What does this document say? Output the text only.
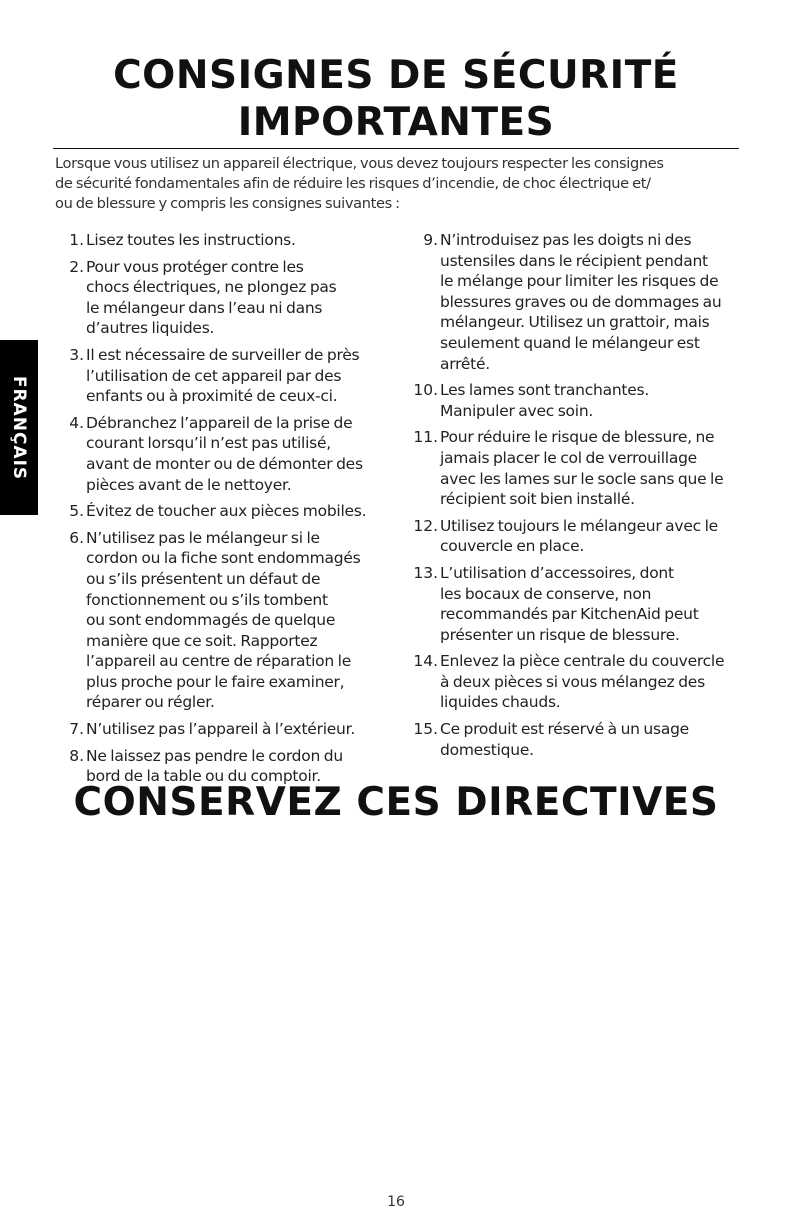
CONSIGNES DE SÉCURITÉ
IMPORTANTES
Lorsque vous utilisez un appareil électrique, vous devez toujours respecter les consignes
de sécurité fondamentales afin de réduire les risques d’incendie, de choc électrique et/
ou de blessure y compris les consignes suivantes :
1. Lisez toutes les instructions.
2. Pour vous protéger contre les
chocs électriques, ne plongez pas
le mélangeur dans l’eau ni dans
d’autres liquides.
3. Il est nécessaire de surveiller de près
l’utilisation de cet appareil par des
enfants ou à proximité de ceux-ci.
4. Débranchez l’appareil de la prise de
courant lorsqu’il n’est pas utilisé,
avant de monter ou de démonter des
pièces avant de le nettoyer.
5. Évitez de toucher aux pièces mobiles.
6. N’utilisez pas le mélangeur si le
cordon ou la fiche sont endommagés
ou s’ils présentent un défaut de
fonctionnement ou s’ils tombent
ou sont endommagés de quelque
manière que ce soit. Rapportez
l’appareil au centre de réparation le
plus proche pour le faire examiner,
réparer ou régler.
7. N’utilisez pas l’appareil à l’extérieur.
8. Ne laissez pas pendre le cordon du
bord de la table ou du comptoir.
9. N’introduisez pas les doigts ni des
ustensiles dans le récipient pendant
le mélange pour limiter les risques de
blessures graves ou de dommages au
mélangeur. Utilisez un grattoir, mais
seulement quand le mélangeur est
arrêté.
10. Les lames sont tranchantes.
Manipuler avec soin.
11. Pour réduire le risque de blessure, ne
jamais placer le col de verrouillage
avec les lames sur le socle sans que le
récipient soit bien installé.
12. Utilisez toujours le mélangeur avec le
couvercle en place.
13. L’utilisation d’accessoires, dont
les bocaux de conserve, non
recommandés par KitchenAid peut
présenter un risque de blessure.
14. Enlevez la pièce centrale du couvercle
à deux pièces si vous mélangez des
liquides chauds.
15. Ce produit est réservé à un usage
domestique.
CONSERVEZ CES DIRECTIVES
FRANÇAIS
16
